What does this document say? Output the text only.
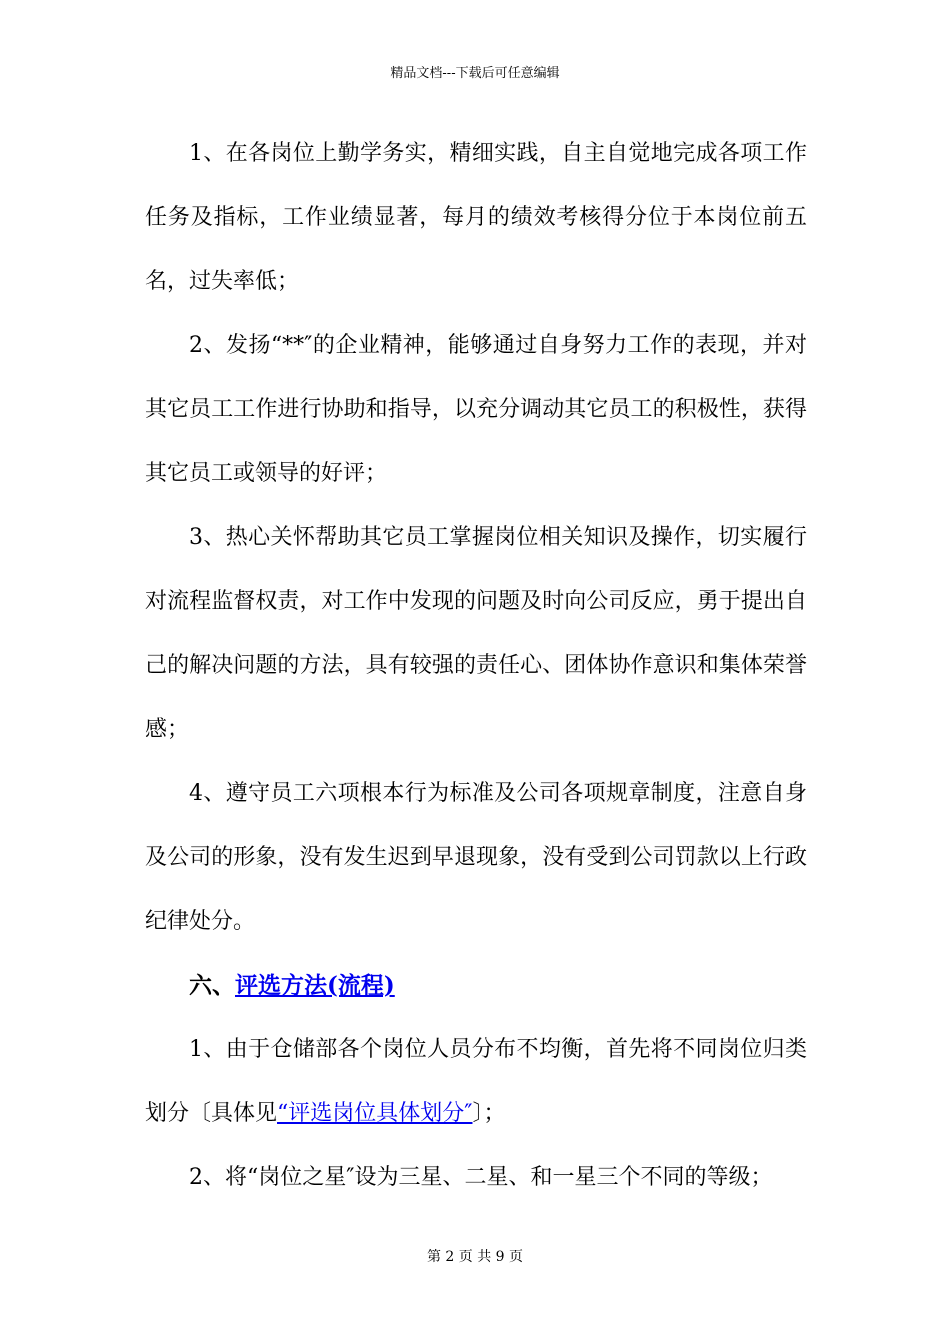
精品文档---下载后可任意编辑

1、在各岗位上勤学务实，精细实践，自主自觉地完成各项工作任务及指标，工作业绩显著，每月的绩效考核得分位于本岗位前五名，过失率低；

2、发扬“**″的企业精神，能够通过自身努力工作的表现，并对其它员工工作进行协助和指导，以充分调动其它员工的积极性，获得其它员工或领导的好评；

3、热心关怀帮助其它员工掌握岗位相关知识及操作，切实履行对流程监督权责，对工作中发现的问题及时向公司反应，勇于提出自己的解决问题的方法，具有较强的责任心、团体协作意识和集体荣誉感；

4、遵守员工六项根本行为标准及公司各项规章制度，注意自身及公司的形象，没有发生迟到早退现象，没有受到公司罚款以上行政纪律处分。

六、评选方法(流程)

1、由于仓储部各个岗位人员分布不均衡，首先将不同岗位归类划分〔具体见“评选岗位具体划分″〕；

2、将“岗位之星″设为三星、二星、和一星三个不同的等级；

第 2 页 共 9 页
